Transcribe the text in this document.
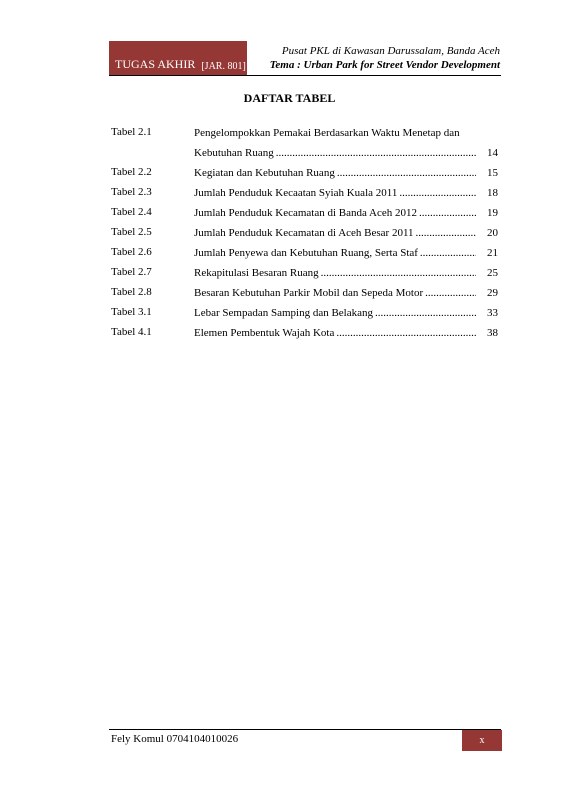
TUGAS AKHIR [JAR. 801]
Pusat PKL di Kawasan Darussalam, Banda Aceh
Tema : Urban Park for Street Vendor Development
DAFTAR TABEL
Tabel 2.1	Pengelompokkan Pemakai Berdasarkan Waktu Menetap dan
Kebutuhan Ruang .....	14
Tabel 2.2	Kegiatan dan Kebutuhan Ruang .....	15
Tabel 2.3	Jumlah Penduduk Kecaatan Syiah Kuala 2011 .....	18
Tabel 2.4	Jumlah Penduduk Kecamatan di Banda Aceh 2012 .....	19
Tabel 2.5	Jumlah Penduduk Kecamatan di Aceh Besar 2011 .....	20
Tabel 2.6	Jumlah Penyewa dan Kebutuhan Ruang, Serta Staf .....	21
Tabel 2.7	Rekapitulasi Besaran Ruang .....	25
Tabel 2.8	Besaran Kebutuhan Parkir Mobil dan Sepeda Motor .....	29
Tabel 3.1	Lebar Sempadan Samping dan Belakang .....	33
Tabel 4.1	Elemen Pembentuk Wajah Kota .....	38
Fely Komul 0704104010026	x
